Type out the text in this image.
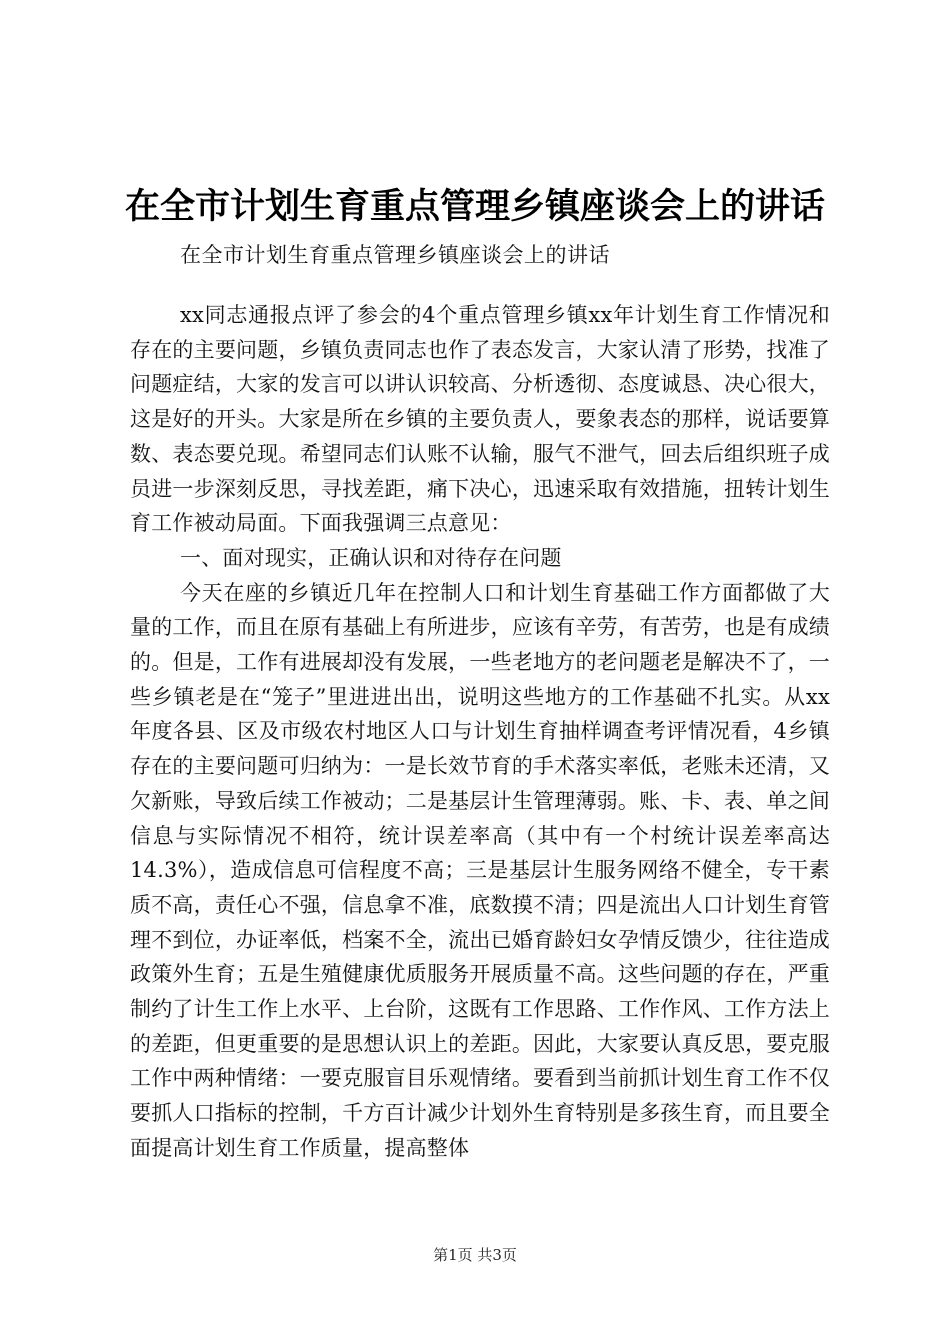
在全市计划生育重点管理乡镇座谈会上的讲话

在全市计划生育重点管理乡镇座谈会上的讲话

xx同志通报点评了参会的4个重点管理乡镇xx年计划生育工作情况和存在的主要问题，乡镇负责同志也作了表态发言，大家认清了形势，找准了问题症结，大家的发言可以讲认识较高、分析透彻、态度诚恳、决心很大，这是好的开头。大家是所在乡镇的主要负责人，要象表态的那样，说话要算数、表态要兑现。希望同志们认账不认输，服气不泄气，回去后组织班子成员进一步深刻反思，寻找差距，痛下决心，迅速采取有效措施，扭转计划生育工作被动局面。下面我强调三点意见：

一、面对现实，正确认识和对待存在问题

今天在座的乡镇近几年在控制人口和计划生育基础工作方面都做了大量的工作，而且在原有基础上有所进步，应该有辛劳，有苦劳，也是有成绩的。但是，工作有进展却没有发展，一些老地方的老问题老是解决不了，一些乡镇老是在“笼子”里进进出出，说明这些地方的工作基础不扎实。从xx年度各县、区及市级农村地区人口与计划生育抽样调查考评情况看，4乡镇存在的主要问题可归纳为：一是长效节育的手术落实率低，老账未还清，又欠新账，导致后续工作被动；二是基层计生管理薄弱。账、卡、表、单之间信息与实际情况不相符，统计误差率高（其中有一个村统计误差率高达14.3%），造成信息可信程度不高；三是基层计生服务网络不健全，专干素质不高，责任心不强，信息拿不准，底数摸不清；四是流出人口计划生育管理不到位，办证率低，档案不全，流出已婚育龄妇女孕情反馈少，往往造成政策外生育；五是生殖健康优质服务开展质量不高。这些问题的存在，严重制约了计生工作上水平、上台阶，这既有工作思路、工作作风、工作方法上的差距，但更重要的是思想认识上的差距。因此，大家要认真反思，要克服工作中两种情绪：一要克服盲目乐观情绪。要看到当前抓计划生育工作不仅要抓人口指标的控制，千方百计减少计划外生育特别是多孩生育，而且要全面提高计划生育工作质量，提高整体

第1页 共3页
